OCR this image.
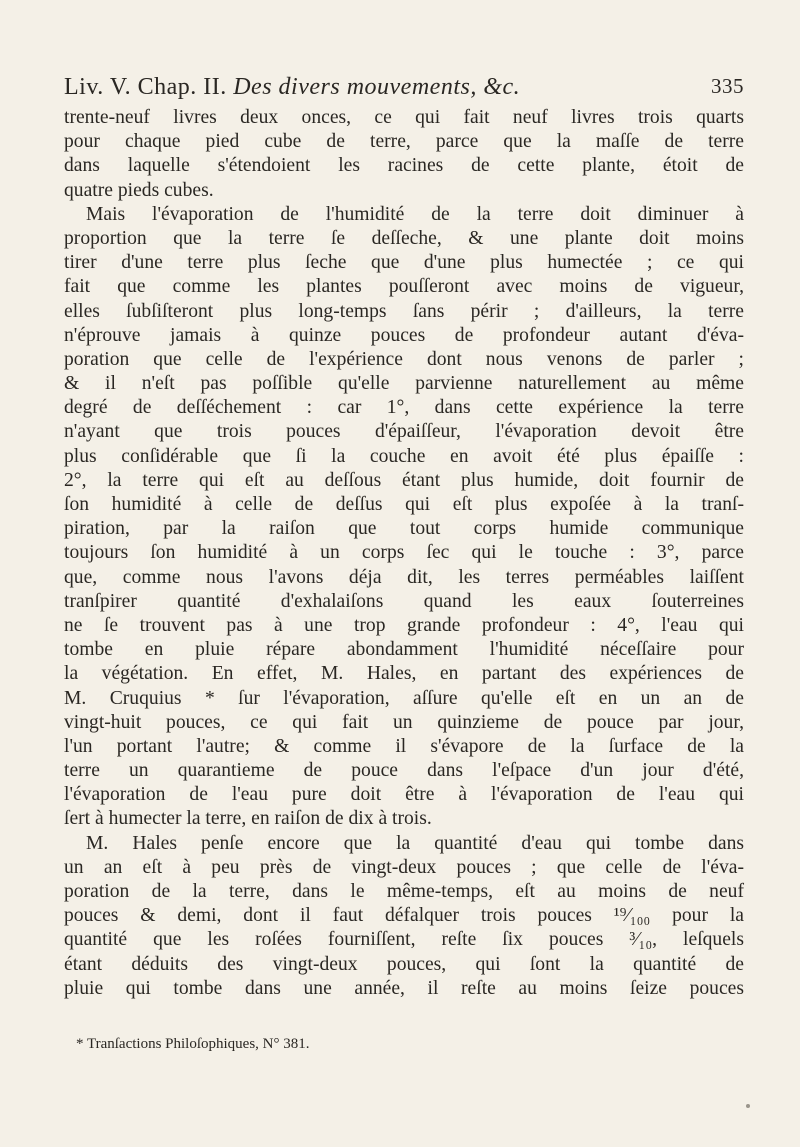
Liv. V. Chap. II. Des divers mouvements, &c.	335
trente-neuf livres deux onces, ce qui fait neuf livres trois quarts
pour chaque pied cube de terre, parce que la maſſe de terre
dans laquelle s'étendoient les racines de cette plante, étoit de
quatre pieds cubes.
Mais l'évaporation de l'humidité de la terre doit diminuer à
proportion que la terre ſe deſſeche, & une plante doit moins
tirer d'une terre plus ſeche que d'une plus humectée ; ce qui
fait que comme les plantes pouſſeront avec moins de vigueur,
elles ſubſiſteront plus long-temps ſans périr ; d'ailleurs, la terre
n'éprouve jamais à quinze pouces de profondeur autant d'éva-
poration que celle de l'expérience dont nous venons de parler ;
& il n'eſt pas poſſible qu'elle parvienne naturellement au même
degré de deſſéchement : car 1°, dans cette expérience la terre
n'ayant que trois pouces d'épaiſſeur, l'évaporation devoit être
plus conſidérable que ſi la couche en avoit été plus épaiſſe :
2°, la terre qui eſt au deſſous étant plus humide, doit fournir de
ſon humidité à celle de deſſus qui eſt plus expoſée à la tranſ-
piration, par la raiſon que tout corps humide communique
toujours ſon humidité à un corps ſec qui le touche : 3°, parce
que, comme nous l'avons déja dit, les terres perméables laiſſent
tranſpirer quantité d'exhalaiſons quand les eaux ſouterreines
ne ſe trouvent pas à une trop grande profondeur : 4°, l'eau qui
tombe en pluie répare abondamment l'humidité néceſſaire pour
la végétation. En effet, M. Hales, en partant des expériences de
M. Cruquius * ſur l'évaporation, aſſure qu'elle eſt en un an de
vingt-huit pouces, ce qui fait un quinzieme de pouce par jour,
l'un portant l'autre; & comme il s'évapore de la ſurface de la
terre un quarantieme de pouce dans l'eſpace d'un jour d'été,
l'évaporation de l'eau pure doit être à l'évaporation de l'eau qui
ſert à humecter la terre, en raiſon de dix à trois.
M. Hales penſe encore que la quantité d'eau qui tombe dans
un an eſt à peu près de vingt-deux pouces ; que celle de l'éva-
poration de la terre, dans le même-temps, eſt au moins de neuf
pouces & demi, dont il faut défalquer trois pouces ¹⁹⁄₁₀₀ pour la
quantité que les roſées fourniſſent, reſte ſix pouces ³⁄₁₀, leſquels
étant déduits des vingt-deux pouces, qui ſont la quantité de
pluie qui tombe dans une année, il reſte au moins ſeize pouces
* Tranſactions Philoſophiques, N° 381.
